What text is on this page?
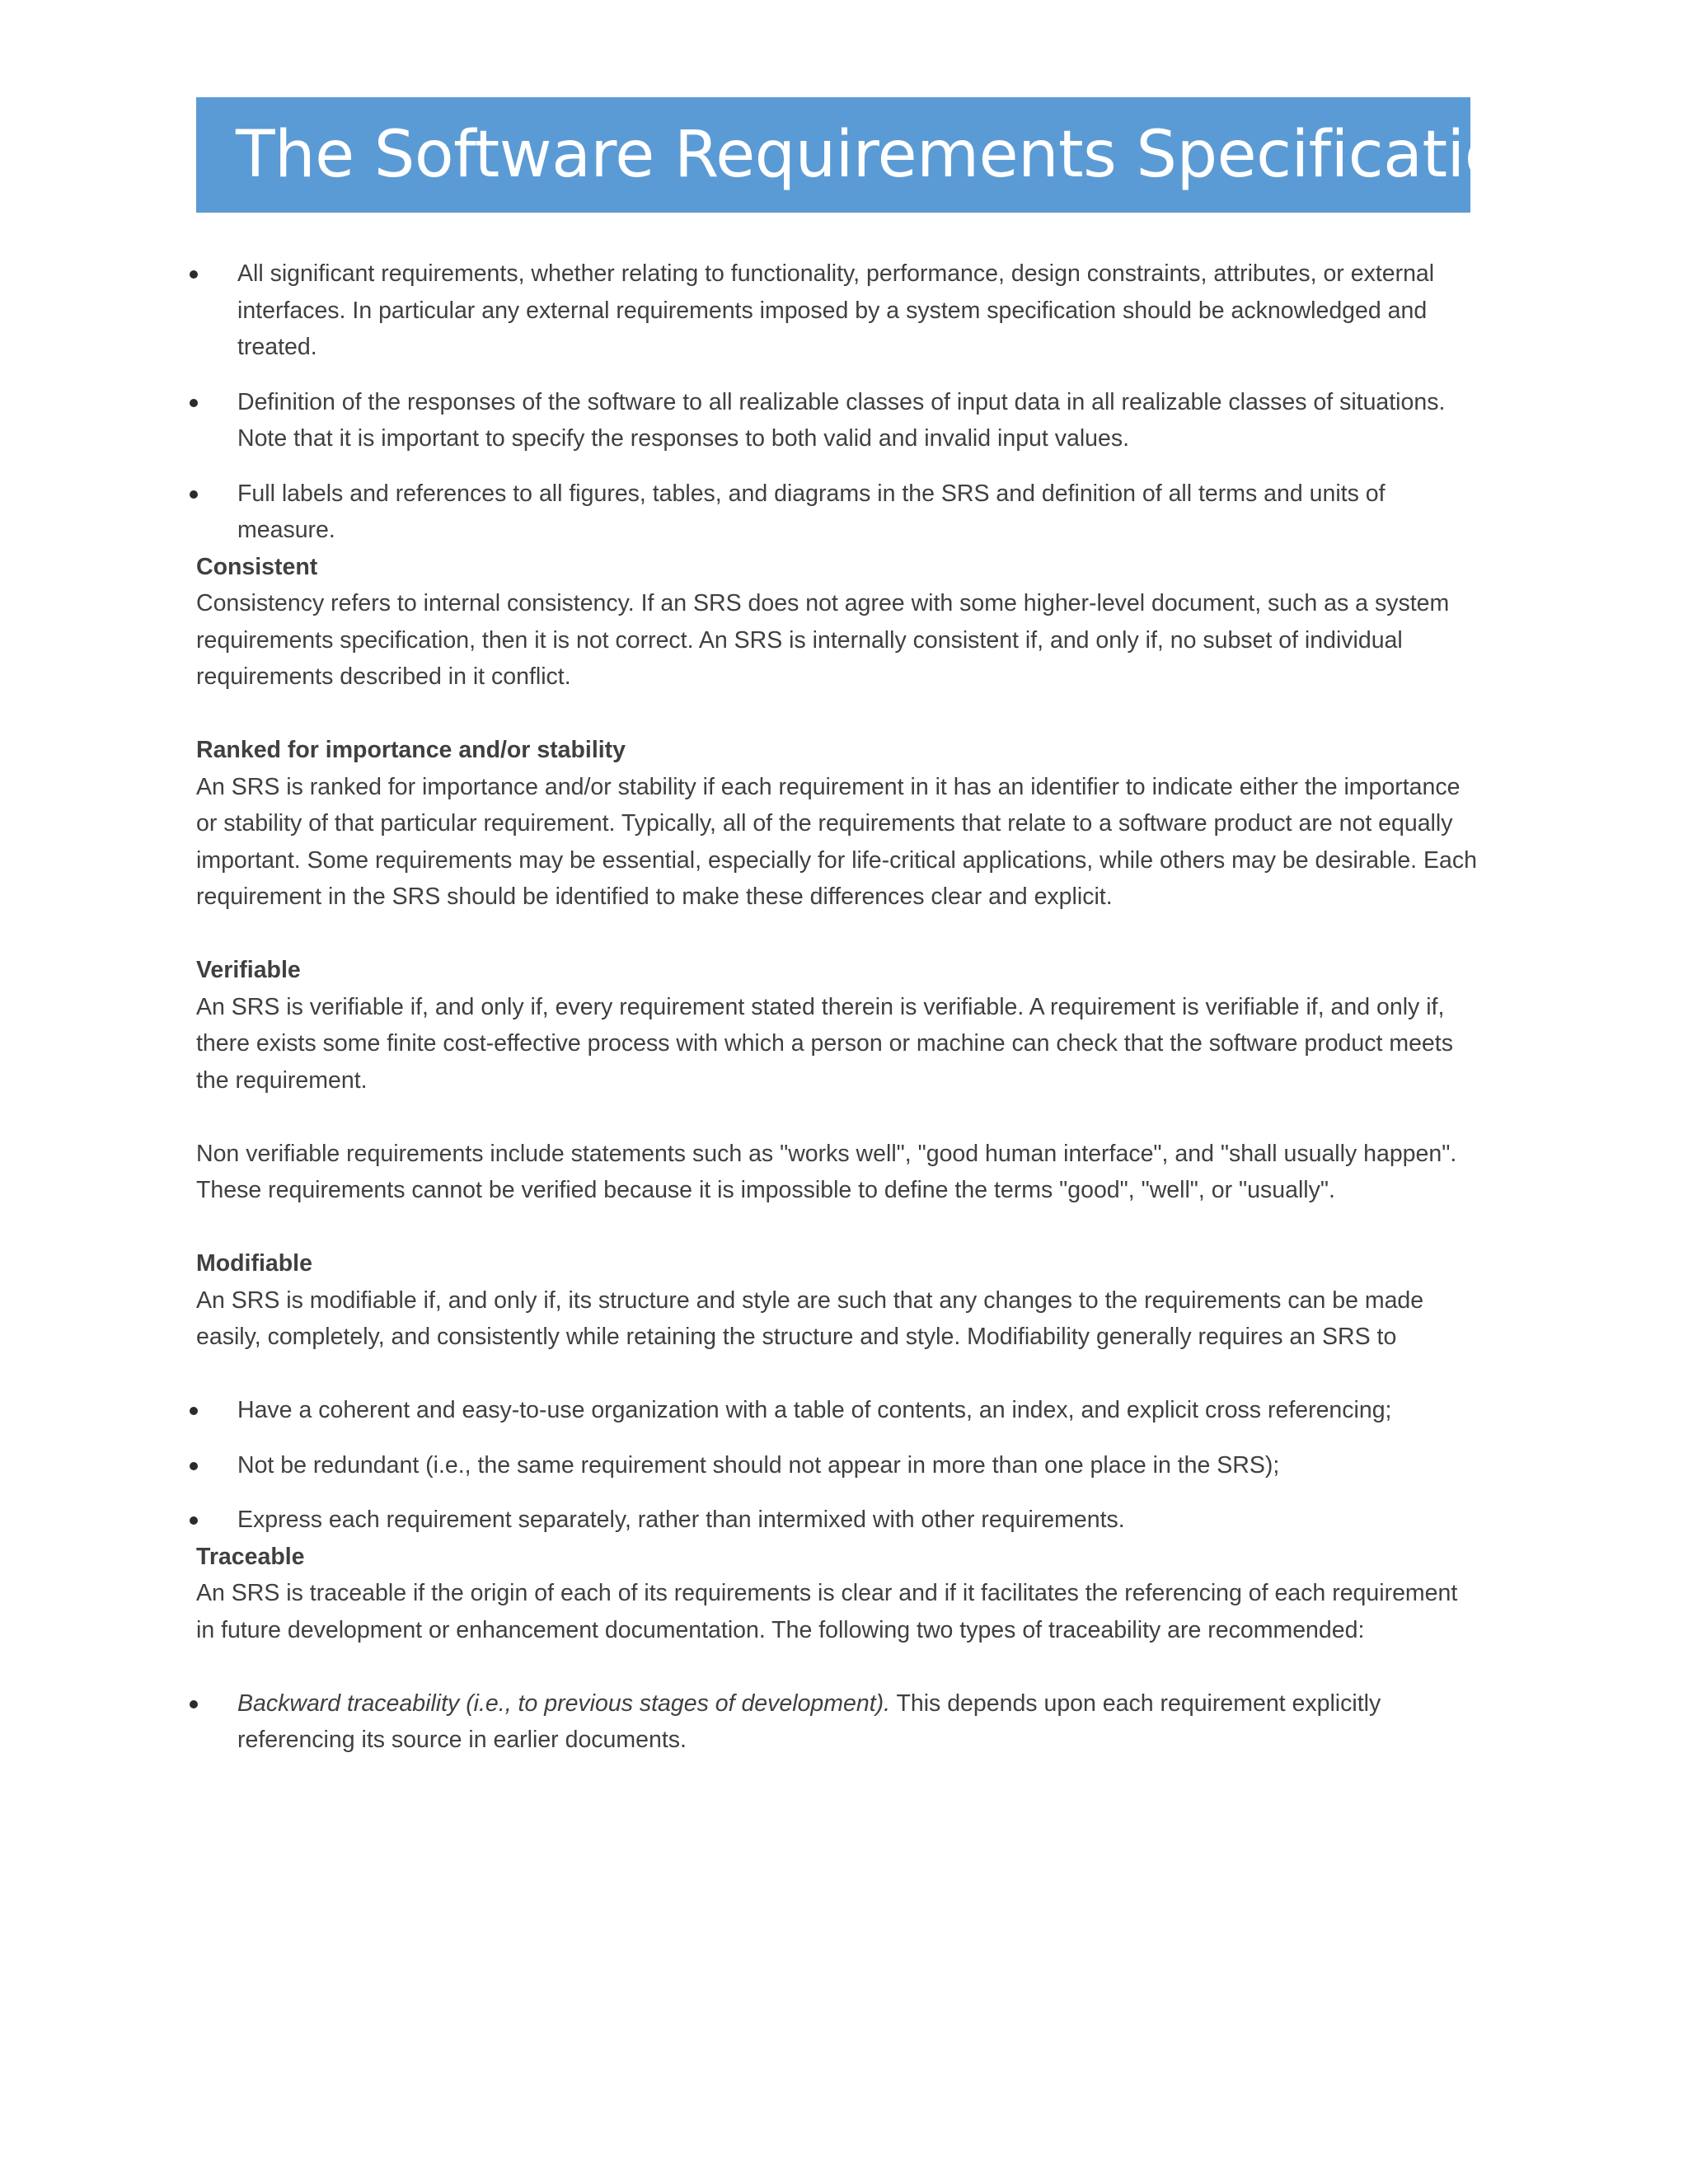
The Software Requirements Specification
All significant requirements, whether relating to functionality, performance, design constraints, attributes, or external interfaces. In particular any external requirements imposed by a system specification should be acknowledged and treated.
Definition of the responses of the software to all realizable classes of input data in all realizable classes of situations. Note that it is important to specify the responses to both valid and invalid input values.
Full labels and references to all figures, tables, and diagrams in the SRS and definition of all terms and units of measure.
Consistent

Consistency refers to internal consistency. If an SRS does not agree with some higher-level document, such as a system requirements specification, then it is not correct. An SRS is internally consistent if, and only if, no subset of individual requirements described in it conflict.

Ranked for importance and/or stability

An SRS is ranked for importance and/or stability if each requirement in it has an identifier to indicate either the importance or stability of that particular requirement. Typically, all of the requirements that relate to a software product are not equally important. Some requirements may be essential, especially for life-critical applications, while others may be desirable. Each requirement in the SRS should be identified to make these differences clear and explicit.

Verifiable

An SRS is verifiable if, and only if, every requirement stated therein is verifiable. A requirement is verifiable if, and only if, there exists some finite cost-effective process with which a person or machine can check that the software product meets the requirement.

Non verifiable requirements include statements such as "works well", "good human interface", and "shall usually happen". These requirements cannot be verified because it is impossible to define the terms "good", "well", or "usually".

Modifiable

An SRS is modifiable if, and only if, its structure and style are such that any changes to the requirements can be made easily, completely, and consistently while retaining the structure and style. Modifiability generally requires an SRS to

Have a coherent and easy-to-use organization with a table of contents, an index, and explicit cross referencing;
Not be redundant (i.e., the same requirement should not appear in more than one place in the SRS);
Express each requirement separately, rather than intermixed with other requirements.
Traceable

An SRS is traceable if the origin of each of its requirements is clear and if it facilitates the referencing of each requirement in future development or enhancement documentation. The following two types of traceability are recommended:

Backward traceability (i.e., to previous stages of development). This depends upon each requirement explicitly referencing its source in earlier documents.
